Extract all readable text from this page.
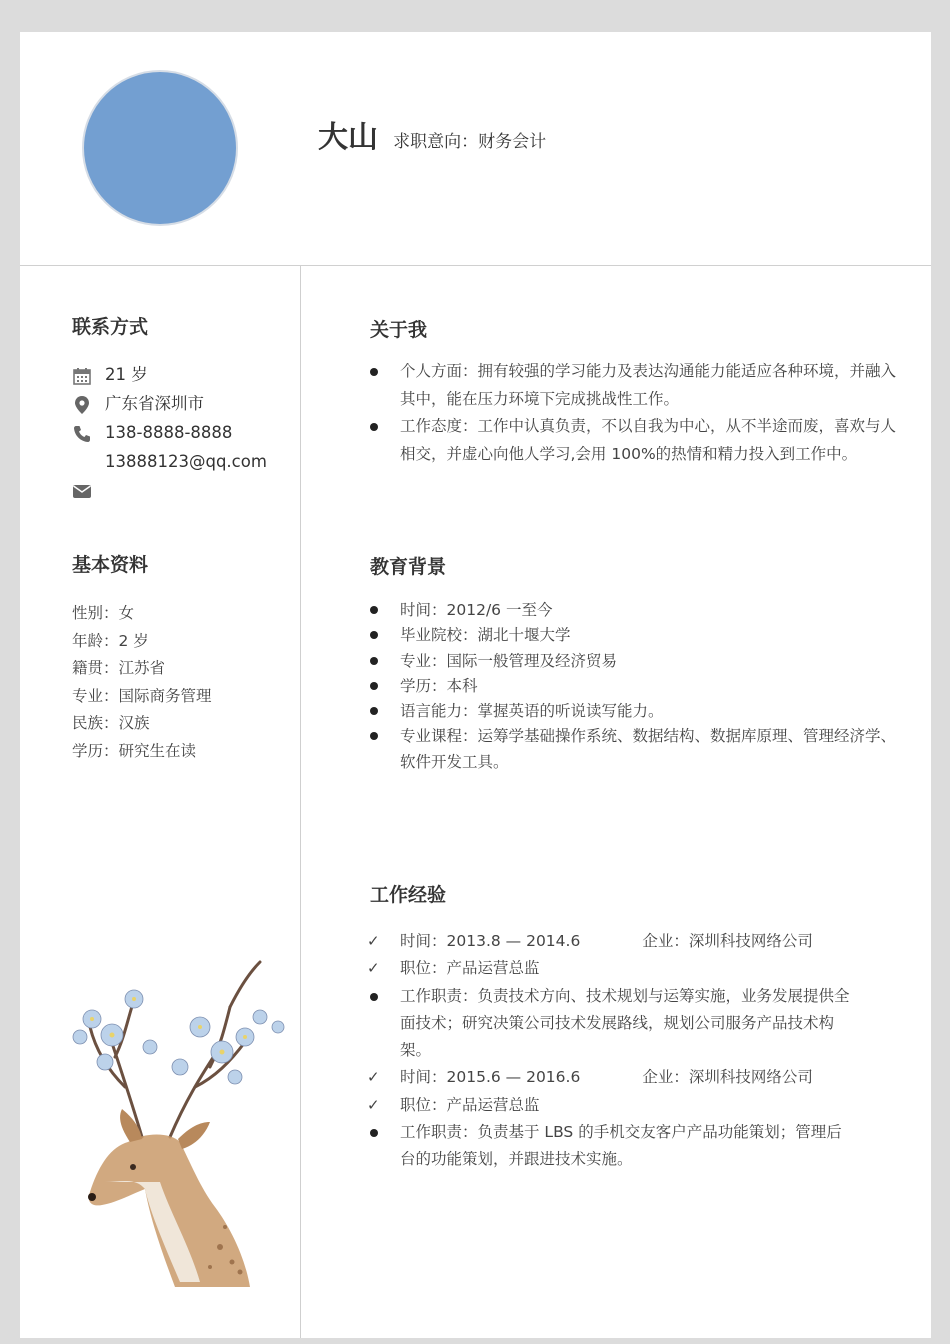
大山 求职意向：财务会计
联系方式
21 岁
广东省深圳市
138-8888-8888
13888123@qq.com
基本资料
性别：女
年龄：2 岁
籍贯：江苏省
专业：国际商务管理
民族：汉族
学历：研究生在读
关于我
个人方面：拥有较强的学习能力及表达沟通能力能适应各种环境，并融入其中，能在压力环境下完成挑战性工作。
工作态度：工作中认真负责，不以自我为中心，从不半途而废，喜欢与人相交，并虚心向他人学习,会用 100%的热情和精力投入到工作中。
教育背景
时间：2012/6 一至今
毕业院校：湖北十堰大学
专业：国际一般管理及经济贸易
学历：本科
语言能力：掌握英语的听说读写能力。
专业课程：运筹学基础操作系统、数据结构、数据库原理、管理经济学、软件开发工具。
工作经验
✓ 时间：2013.8 — 2014.6	企业：深圳科技网络公司
✓ 职位：产品运营总监
工作职责：负责技术方向、技术规划与运筹实施，业务发展提供全面技术；研究决策公司技术发展路线，规划公司服务产品技术构架。
✓ 时间：2015.6 — 2016.6	企业：深圳科技网络公司
✓ 职位：产品运营总监
工作职责：负责基于 LBS 的手机交友客户产品功能策划；管理后台的功能策划，并跟进技术实施。
